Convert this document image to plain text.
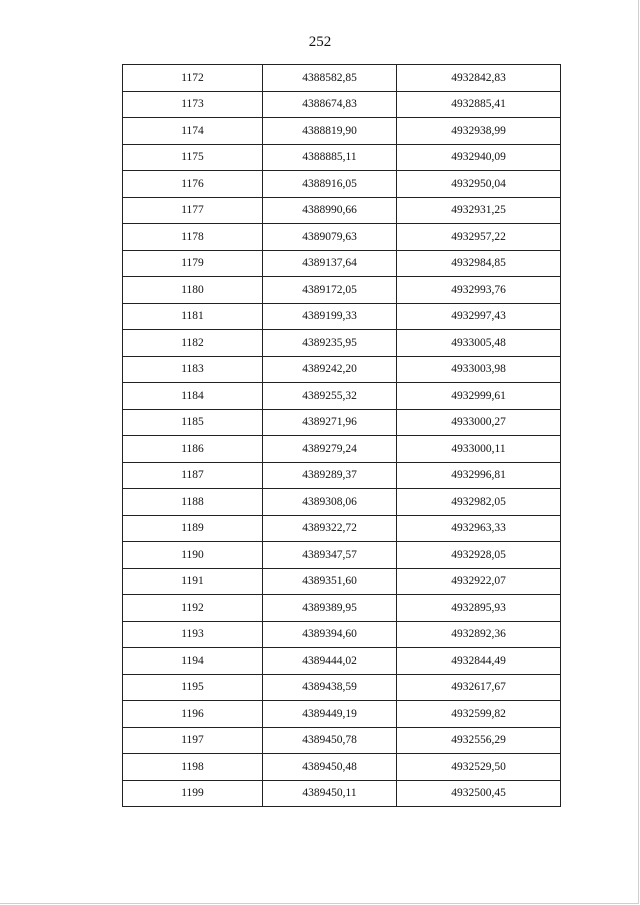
252
1172	4388582,85	4932842,83
1173	4388674,83	4932885,41
1174	4388819,90	4932938,99
1175	4388885,11	4932940,09
1176	4388916,05	4932950,04
1177	4388990,66	4932931,25
1178	4389079,63	4932957,22
1179	4389137,64	4932984,85
1180	4389172,05	4932993,76
1181	4389199,33	4932997,43
1182	4389235,95	4933005,48
1183	4389242,20	4933003,98
1184	4389255,32	4932999,61
1185	4389271,96	4933000,27
1186	4389279,24	4933000,11
1187	4389289,37	4932996,81
1188	4389308,06	4932982,05
1189	4389322,72	4932963,33
1190	4389347,57	4932928,05
1191	4389351,60	4932922,07
1192	4389389,95	4932895,93
1193	4389394,60	4932892,36
1194	4389444,02	4932844,49
1195	4389438,59	4932617,67
1196	4389449,19	4932599,82
1197	4389450,78	4932556,29
1198	4389450,48	4932529,50
1199	4389450,11	4932500,45
